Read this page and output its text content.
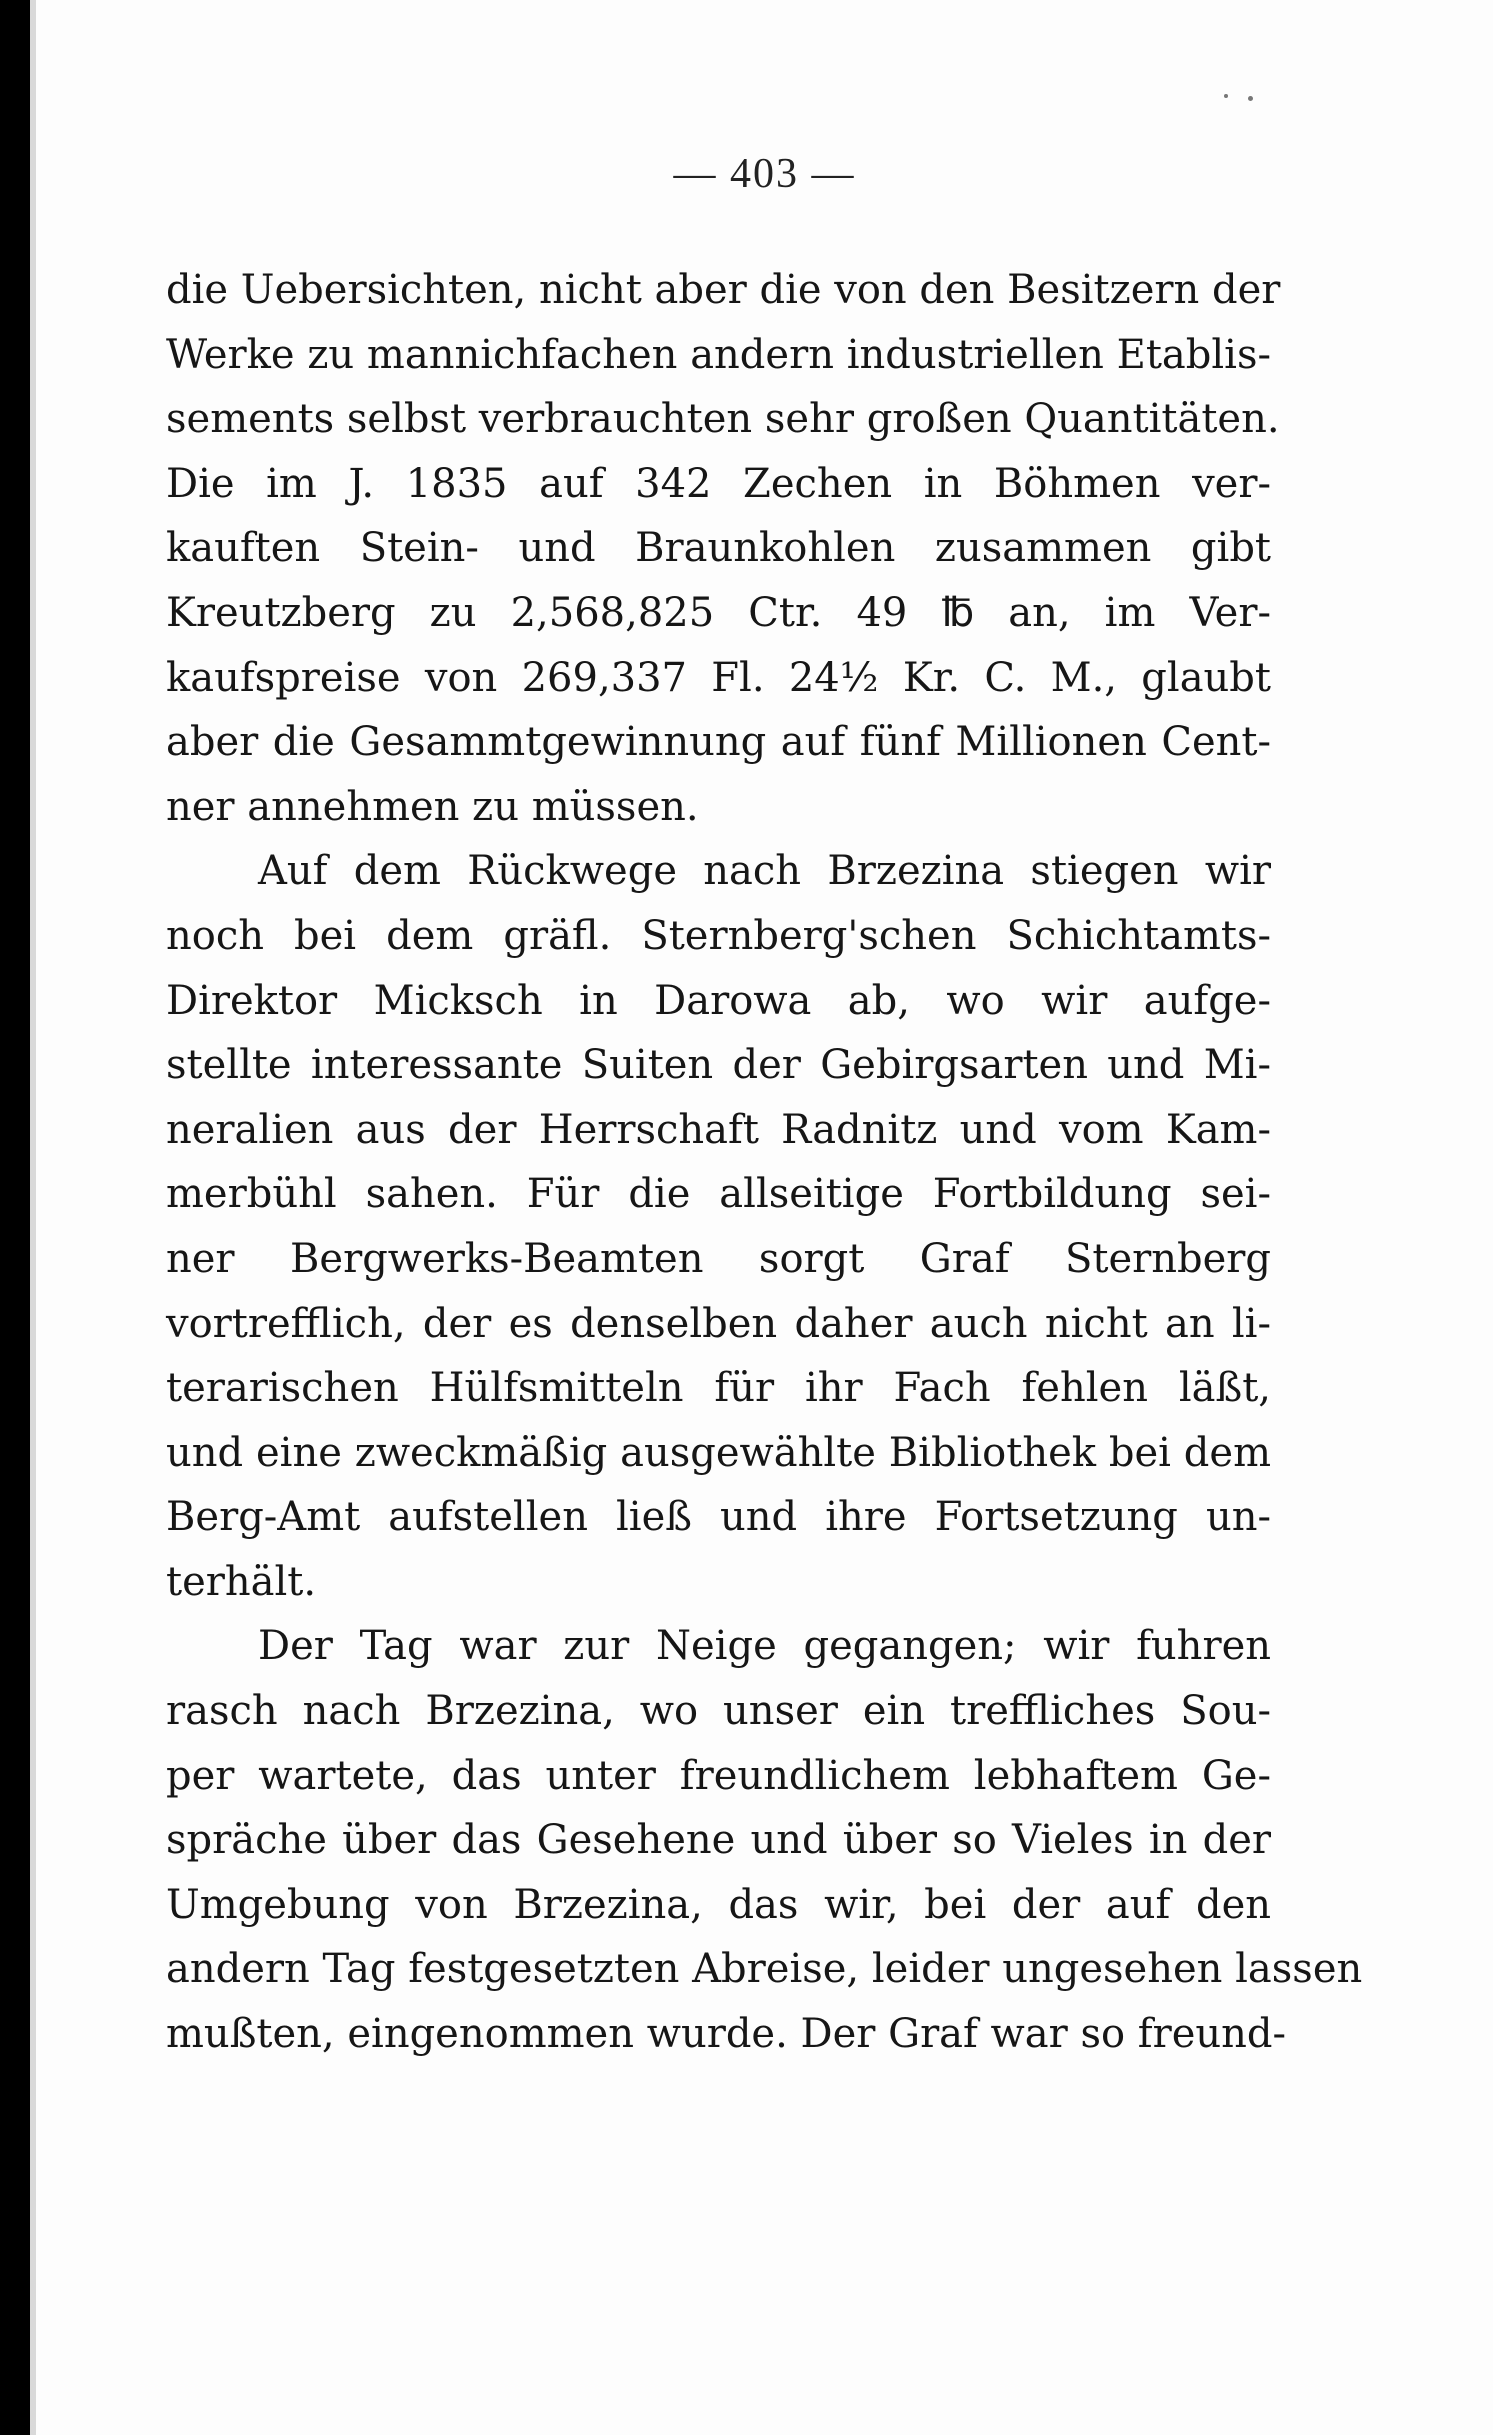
— 403 —
die Uebersichten, nicht aber die von den Besitzern der
Werke zu mannichfachen andern industriellen Etablis-
sements selbst verbrauchten sehr großen Quantitäten.
Die im J. 1835 auf 342 Zechen in Böhmen ver-
kauften Stein- und Braunkohlen zusammen gibt
Kreutzberg zu 2,568,825 Ctr. 49 ℔ an, im Ver-
kaufspreise von 269,337 Fl. 24½ Kr. C. M., glaubt
aber die Gesammtgewinnung auf fünf Millionen Cent-
ner annehmen zu müssen.
Auf dem Rückwege nach Brzezina stiegen wir
noch bei dem gräfl. Sternberg'schen Schichtamts-
Direktor Micksch in Darowa ab, wo wir aufge-
stellte interessante Suiten der Gebirgsarten und Mi-
neralien aus der Herrschaft Radnitz und vom Kam-
merbühl sahen. Für die allseitige Fortbildung sei-
ner Bergwerks-Beamten sorgt Graf Sternberg
vortrefflich, der es denselben daher auch nicht an li-
terarischen Hülfsmitteln für ihr Fach fehlen läßt,
und eine zweckmäßig ausgewählte Bibliothek bei dem
Berg-Amt aufstellen ließ und ihre Fortsetzung un-
terhält.
Der Tag war zur Neige gegangen; wir fuhren
rasch nach Brzezina, wo unser ein treffliches Sou-
per wartete, das unter freundlichem lebhaftem Ge-
spräche über das Gesehene und über so Vieles in der
Umgebung von Brzezina, das wir, bei der auf den
andern Tag festgesetzten Abreise, leider ungesehen lassen
mußten, eingenommen wurde. Der Graf war so freund-
